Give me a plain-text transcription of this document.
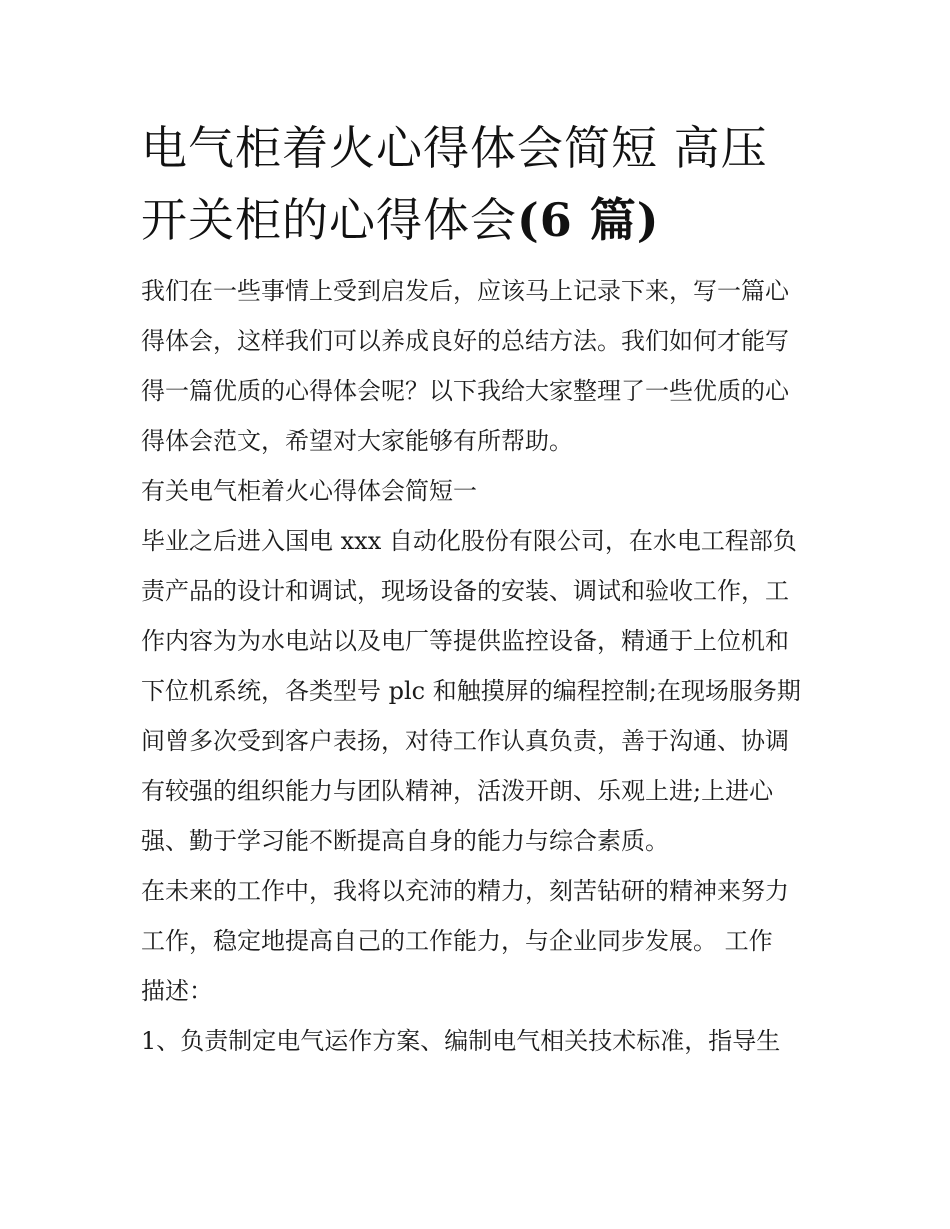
电气柜着火心得体会简短 高压
开关柜的心得体会(6 篇)

我们在一些事情上受到启发后，应该马上记录下来，写一篇心
得体会，这样我们可以养成良好的总结方法。我们如何才能写
得一篇优质的心得体会呢？以下我给大家整理了一些优质的心
得体会范文，希望对大家能够有所帮助。

有关电气柜着火心得体会简短一

毕业之后进入国电 xxx 自动化股份有限公司，在水电工程部负
责产品的设计和调试，现场设备的安装、调试和验收工作，工
作内容为为水电站以及电厂等提供监控设备，精通于上位机和
下位机系统，各类型号 plc 和触摸屏的编程控制;在现场服务期
间曾多次受到客户表扬，对待工作认真负责，善于沟通、协调
有较强的组织能力与团队精神，活泼开朗、乐观上进;上进心
强、勤于学习能不断提高自身的能力与综合素质。

在未来的工作中，我将以充沛的精力，刻苦钻研的精神来努力
工作，稳定地提高自己的工作能力，与企业同步发展。 工作
描述：

1、负责制定电气运作方案、编制电气相关技术标准，指导生
